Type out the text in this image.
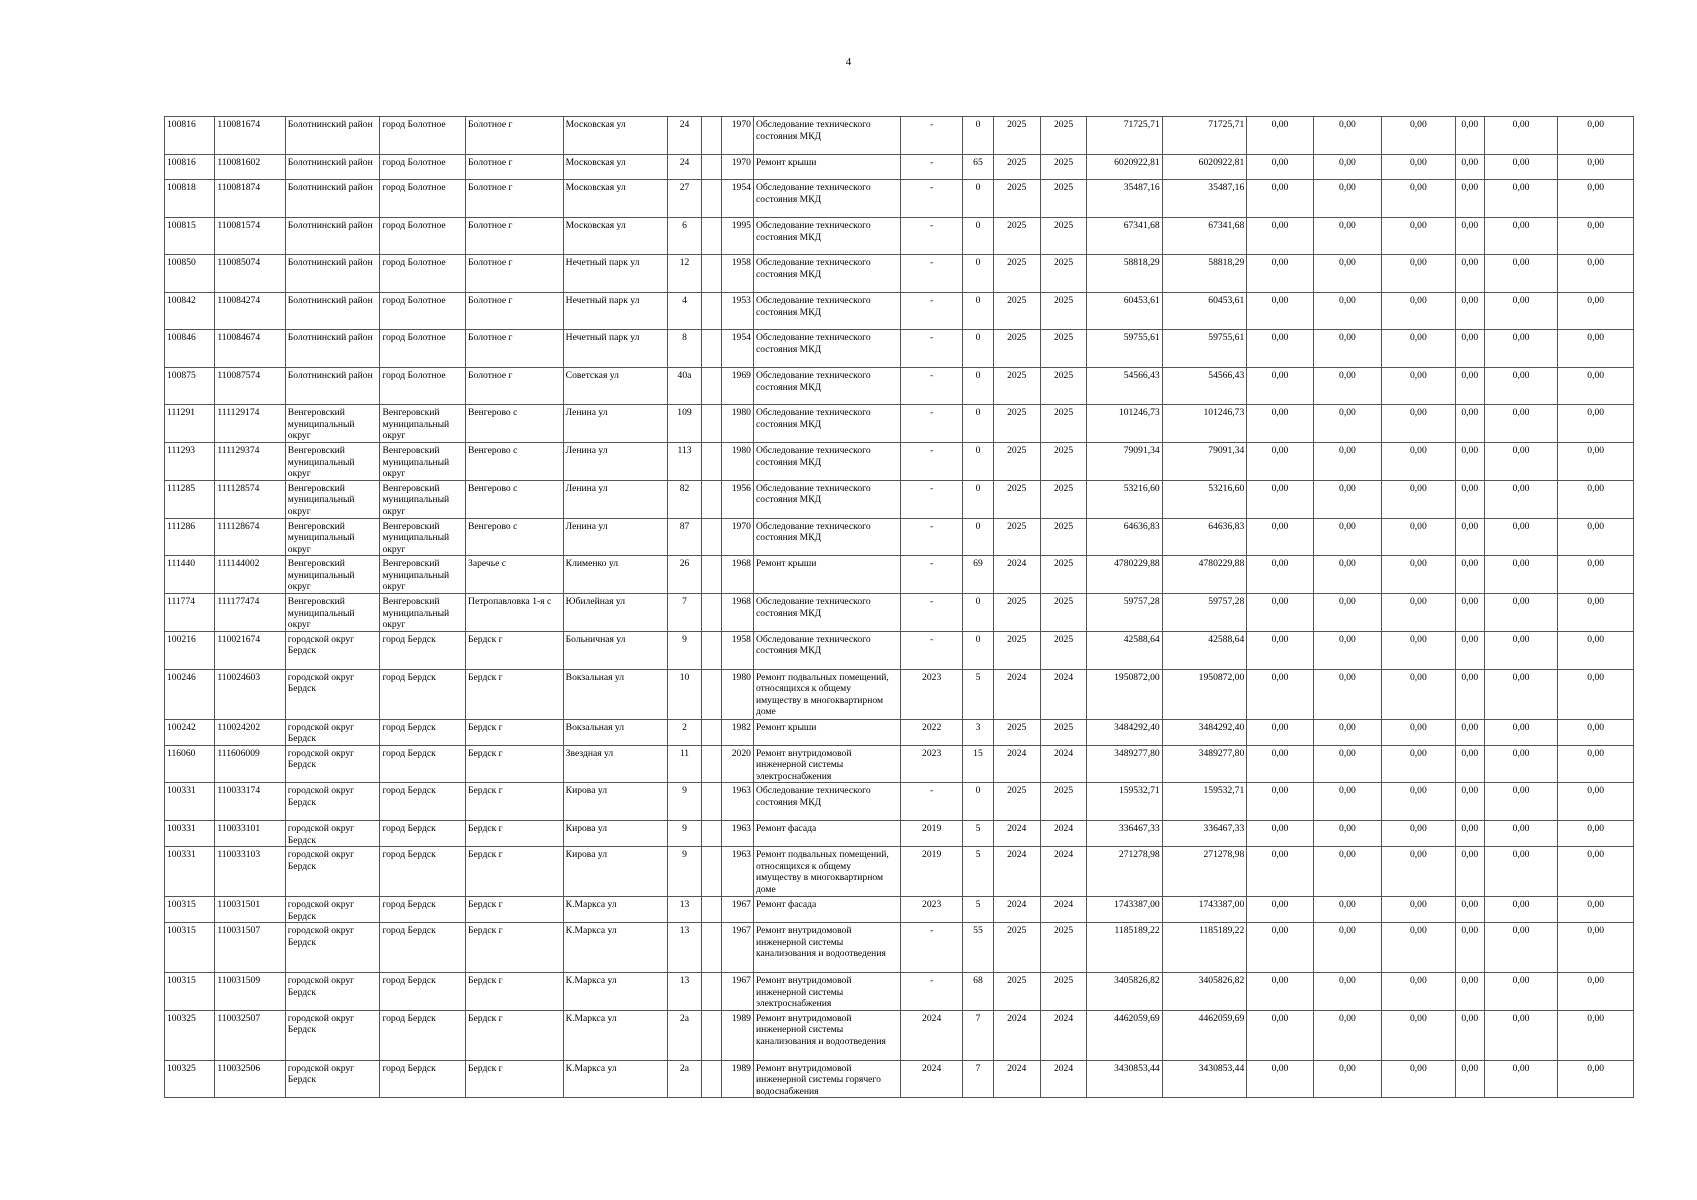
4
100816	110081674	Болотнинский район	город Болотное	Болотное г	Московская ул	24		1970	Обследование технического состояния МКД	-	0	2025	2025	71725,71	71725,71	0,00	0,00	0,00	0,00	0,00	0,00
100816	110081602	Болотнинский район	город Болотное	Болотное г	Московская ул	24		1970	Ремонт крыши	-	65	2025	2025	6020922,81	6020922,81	0,00	0,00	0,00	0,00	0,00	0,00
100818	110081874	Болотнинский район	город Болотное	Болотное г	Московская ул	27		1954	Обследование технического состояния МКД	-	0	2025	2025	35487,16	35487,16	0,00	0,00	0,00	0,00	0,00	0,00
100815	110081574	Болотнинский район	город Болотное	Болотное г	Московская ул	6		1995	Обследование технического состояния МКД	-	0	2025	2025	67341,68	67341,68	0,00	0,00	0,00	0,00	0,00	0,00
100850	110085074	Болотнинский район	город Болотное	Болотное г	Нечетный парк ул	12		1958	Обследование технического состояния МКД	-	0	2025	2025	58818,29	58818,29	0,00	0,00	0,00	0,00	0,00	0,00
100842	110084274	Болотнинский район	город Болотное	Болотное г	Нечетный парк ул	4		1953	Обследование технического состояния МКД	-	0	2025	2025	60453,61	60453,61	0,00	0,00	0,00	0,00	0,00	0,00
100846	110084674	Болотнинский район	город Болотное	Болотное г	Нечетный парк ул	8		1954	Обследование технического состояния МКД	-	0	2025	2025	59755,61	59755,61	0,00	0,00	0,00	0,00	0,00	0,00
100875	110087574	Болотнинский район	город Болотное	Болотное г	Советская ул	40а		1969	Обследование технического состояния МКД	-	0	2025	2025	54566,43	54566,43	0,00	0,00	0,00	0,00	0,00	0,00
111291	111129174	Венгеровский муниципальный округ	Венгеровский муниципальный округ	Венгерово с	Ленина ул	109		1980	Обследование технического состояния МКД	-	0	2025	2025	101246,73	101246,73	0,00	0,00	0,00	0,00	0,00	0,00
111293	111129374	Венгеровский муниципальный округ	Венгеровский муниципальный округ	Венгерово с	Ленина ул	113		1980	Обследование технического состояния МКД	-	0	2025	2025	79091,34	79091,34	0,00	0,00	0,00	0,00	0,00	0,00
111285	111128574	Венгеровский муниципальный округ	Венгеровский муниципальный округ	Венгерово с	Ленина ул	82		1956	Обследование технического состояния МКД	-	0	2025	2025	53216,60	53216,60	0,00	0,00	0,00	0,00	0,00	0,00
111286	111128674	Венгеровский муниципальный округ	Венгеровский муниципальный округ	Венгерово с	Ленина ул	87		1970	Обследование технического состояния МКД	-	0	2025	2025	64636,83	64636,83	0,00	0,00	0,00	0,00	0,00	0,00
111440	111144002	Венгеровский муниципальный округ	Венгеровский муниципальный округ	Заречье с	Клименко ул	26		1968	Ремонт крыши	-	69	2024	2025	4780229,88	4780229,88	0,00	0,00	0,00	0,00	0,00	0,00
111774	111177474	Венгеровский муниципальный округ	Венгеровский муниципальный округ	Петропавловка 1-я с	Юбилейная ул	7		1968	Обследование технического состояния МКД	-	0	2025	2025	59757,28	59757,28	0,00	0,00	0,00	0,00	0,00	0,00
100216	110021674	городской округ Бердск	город Бердск	Бердск г	Больничная ул	9		1958	Обследование технического состояния МКД	-	0	2025	2025	42588,64	42588,64	0,00	0,00	0,00	0,00	0,00	0,00
100246	110024603	городской округ Бердск	город Бердск	Бердск г	Вокзальная ул	10		1980	Ремонт подвальных помещений, относящихся к общему имуществу в многоквартирном доме	2023	5	2024	2024	1950872,00	1950872,00	0,00	0,00	0,00	0,00	0,00	0,00
100242	110024202	городской округ Бердск	город Бердск	Бердск г	Вокзальная ул	2		1982	Ремонт крыши	2022	3	2025	2025	3484292,40	3484292,40	0,00	0,00	0,00	0,00	0,00	0,00
116060	111606009	городской округ Бердск	город Бердск	Бердск г	Звездная ул	11		2020	Ремонт внутридомовой инженерной системы электроснабжения	2023	15	2024	2024	3489277,80	3489277,80	0,00	0,00	0,00	0,00	0,00	0,00
100331	110033174	городской округ Бердск	город Бердск	Бердск г	Кирова ул	9		1963	Обследование технического состояния МКД	-	0	2025	2025	159532,71	159532,71	0,00	0,00	0,00	0,00	0,00	0,00
100331	110033101	городской округ Бердск	город Бердск	Бердск г	Кирова ул	9		1963	Ремонт фасада	2019	5	2024	2024	336467,33	336467,33	0,00	0,00	0,00	0,00	0,00	0,00
100331	110033103	городской округ Бердск	город Бердск	Бердск г	Кирова ул	9		1963	Ремонт подвальных помещений, относящихся к общему имуществу в многоквартирном доме	2019	5	2024	2024	271278,98	271278,98	0,00	0,00	0,00	0,00	0,00	0,00
100315	110031501	городской округ Бердск	город Бердск	Бердск г	К.Маркса ул	13		1967	Ремонт фасада	2023	5	2024	2024	1743387,00	1743387,00	0,00	0,00	0,00	0,00	0,00	0,00
100315	110031507	городской округ Бердск	город Бердск	Бердск г	К.Маркса ул	13		1967	Ремонт внутридомовой инженерной системы канализования и водоотведения	-	55	2025	2025	1185189,22	1185189,22	0,00	0,00	0,00	0,00	0,00	0,00
100315	110031509	городской округ Бердск	город Бердск	Бердск г	К.Маркса ул	13		1967	Ремонт внутридомовой инженерной системы электроснабжения	-	68	2025	2025	3405826,82	3405826,82	0,00	0,00	0,00	0,00	0,00	0,00
100325	110032507	городской округ Бердск	город Бердск	Бердск г	К.Маркса ул	2а		1989	Ремонт внутридомовой инженерной системы канализования и водоотведения	2024	7	2024	2024	4462059,69	4462059,69	0,00	0,00	0,00	0,00	0,00	0,00
100325	110032506	городской округ Бердск	город Бердск	Бердск г	К.Маркса ул	2а		1989	Ремонт внутридомовой инженерной системы горячего водоснабжения	2024	7	2024	2024	3430853,44	3430853,44	0,00	0,00	0,00	0,00	0,00	0,00
